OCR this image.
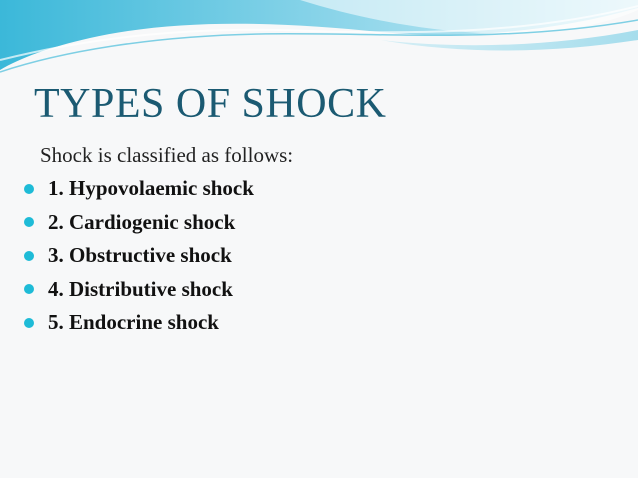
TYPES OF SHOCK

Shock is classified as follows:

1. Hypovolaemic shock
2. Cardiogenic shock
3. Obstructive shock
4. Distributive shock
5. Endocrine shock
